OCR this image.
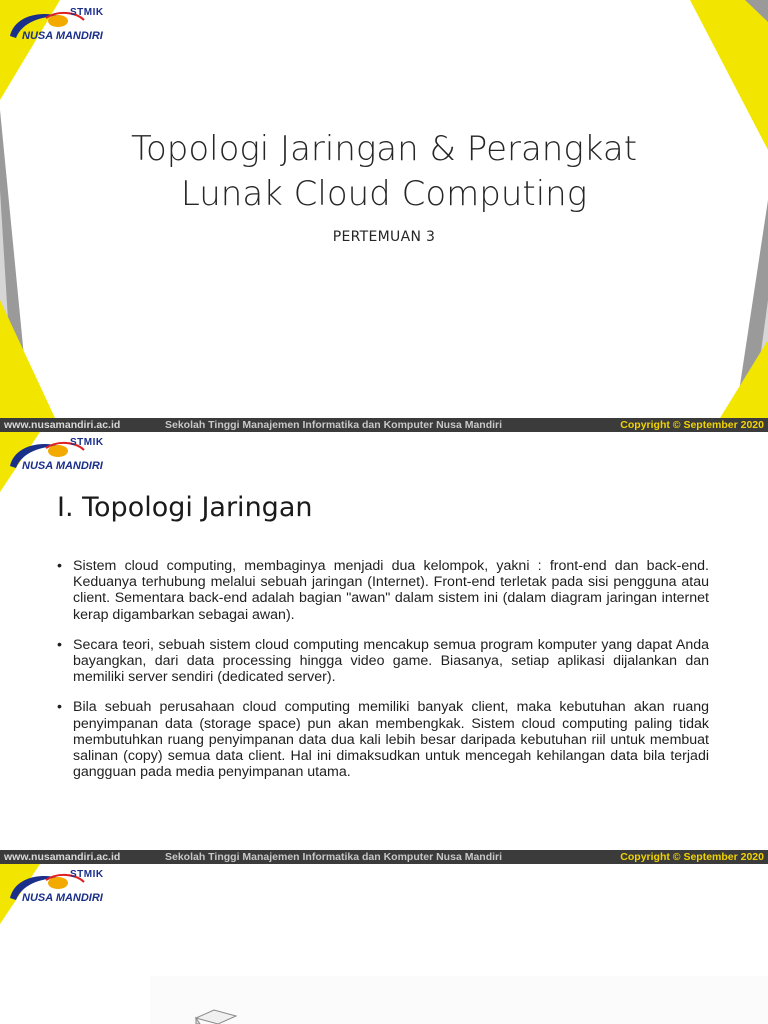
STMIK
NUSA MANDIRI
Topologi Jaringan & Perangkat
Lunak Cloud Computing
PERTEMUAN 3
www.nusamandiri.ac.id	Sekolah Tinggi Manajemen Informatika dan Komputer Nusa Mandiri	Copyright © September 2020
STMIK
NUSA MANDIRI
I. Topologi Jaringan
• Sistem cloud computing, membaginya menjadi dua kelompok, yakni : front-end dan back-end. Keduanya terhubung melalui sebuah jaringan (Internet). Front-end terletak pada sisi pengguna atau client. Sementara back-end adalah bagian "awan" dalam sistem ini (dalam diagram jaringan internet kerap digambarkan sebagai awan).
• Secara teori, sebuah sistem cloud computing mencakup semua program komputer yang dapat Anda bayangkan, dari data processing hingga video game. Biasanya, setiap aplikasi dijalankan dan memiliki server sendiri (dedicated server).
• Bila sebuah perusahaan cloud computing memiliki banyak client, maka kebutuhan akan ruang penyimpanan data (storage space) pun akan membengkak. Sistem cloud computing paling tidak membutuhkan ruang penyimpanan data dua kali lebih besar daripada kebutuhan riil untuk membuat salinan (copy) semua data client. Hal ini dimaksudkan untuk mencegah kehilangan data bila terjadi gangguan pada media penyimpanan utama.
www.nusamandiri.ac.id	Sekolah Tinggi Manajemen Informatika dan Komputer Nusa Mandiri	Copyright © September 2020
STMIK
NUSA MANDIRI
